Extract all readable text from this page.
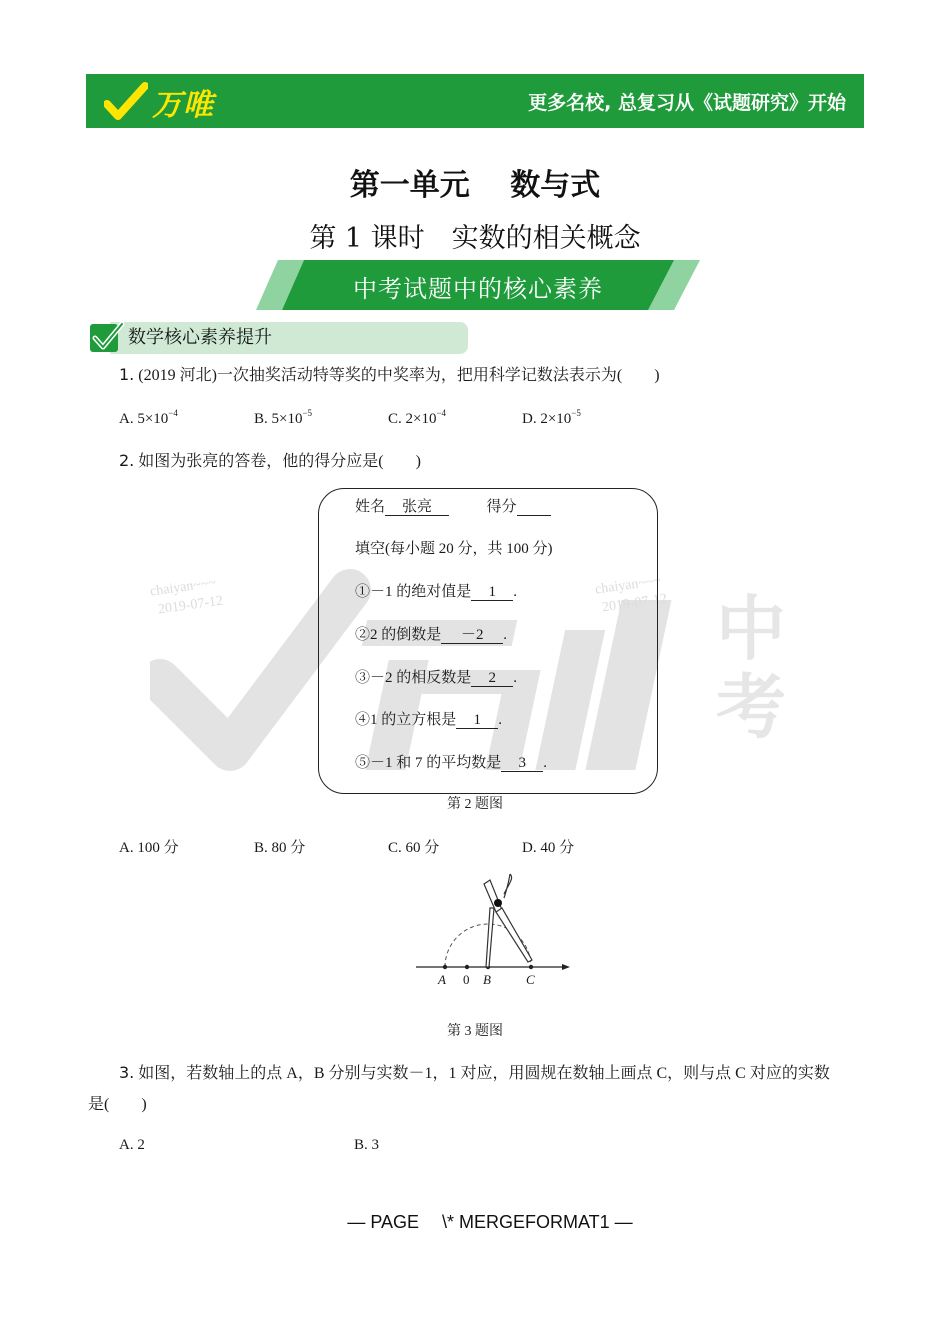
万唯	更多名校, 总复习从《试题研究》开始
chaiyan~~~
2019-07-12
chaiyan~~~
2019-07-12 中考
第一单元　 数与式
第 1 课时　实数的相关概念
中考试题中的核心素养
数学核心素养提升
1. (2019 河北)一次抽奖活动特等奖的中奖率为，把用科学记数法表示为(　　)
A. $5\times 10^{-4}$	B. $5\times 10^{-5}$	C. $2\times 10^{-4}$	D. $2\times 10^{-5}$
2. 如图为张亮的答卷，他的得分应是(　　)
姓名 张亮	得分
填空(每小题 20 分，共 100 分)
①－1 的绝对值是 1 .
②2 的倒数是 －2 .
③－2 的相反数是 2 .
④1 的立方根是 1 .
⑤－1 和 7 的平均数是 3 .
第 2 题图
A. 100 分	B. 80 分	C. 60 分	D. 40 分
A 0 B	C
第 3 题图
3. 如图，若数轴上的点 A，B 分别与实数－1，1 对应，用圆规在数轴上画点 C，则与点 C 对应的实数
是(　　)
A. 2	B. 3
— PAGE 　\* MERGEFORMAT1 —
